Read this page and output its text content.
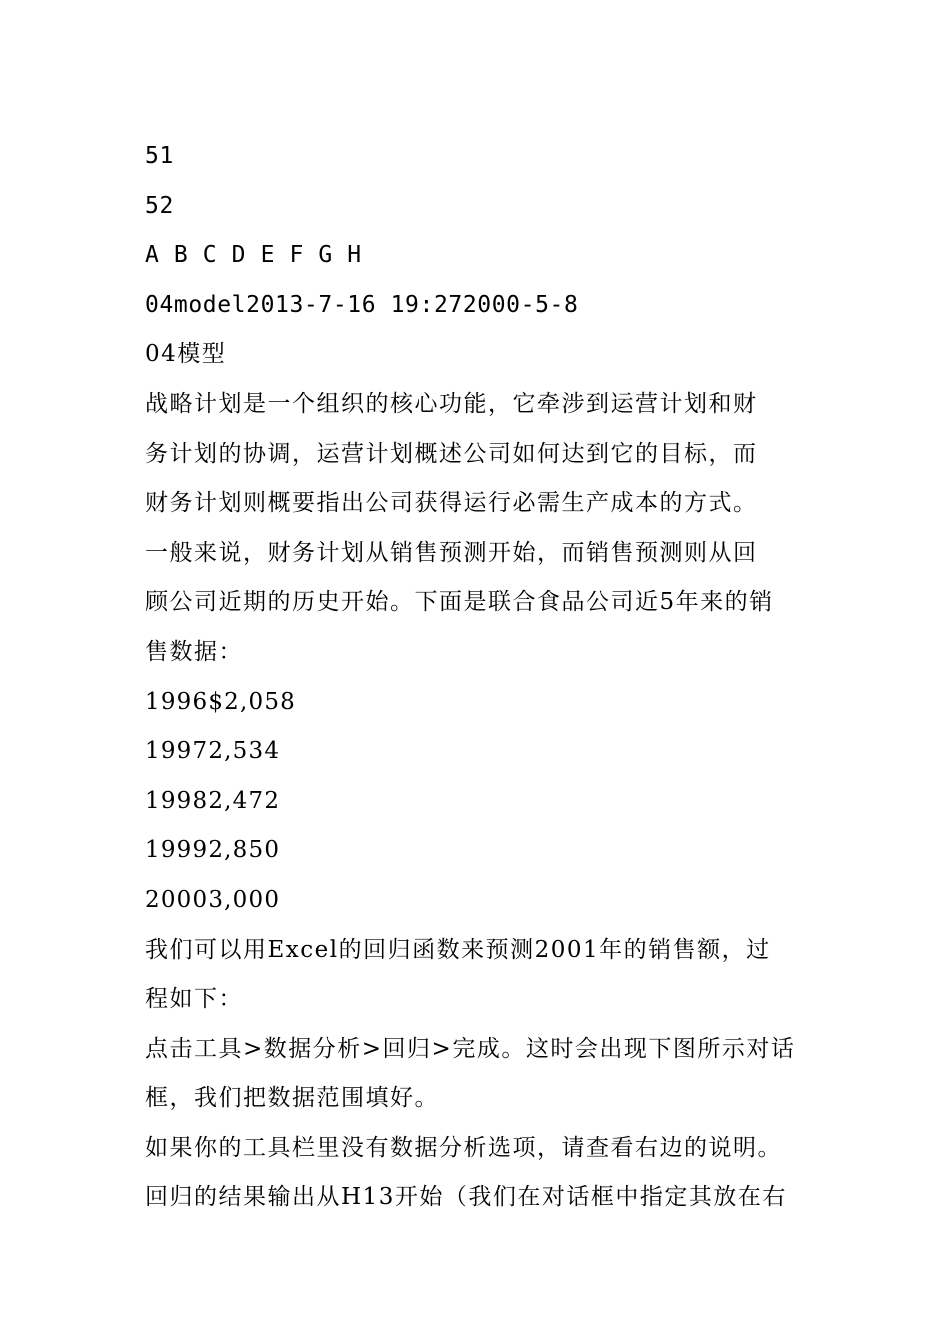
51
52
A B C D E F G H
04model2013-7-16 19:272000-5-8
04模型
战略计划是一个组织的核心功能，它牵涉到运营计划和财
务计划的协调，运营计划概述公司如何达到它的目标，而
财务计划则概要指出公司获得运行必需生产成本的方式。
一般来说，财务计划从销售预测开始，而销售预测则从回
顾公司近期的历史开始。下面是联合食品公司近5年来的销
售数据：
1996$2,058
19972,534
19982,472
19992,850
20003,000
我们可以用Excel的回归函数来预测2001年的销售额，过
程如下：
点击工具>数据分析>回归>完成。这时会出现下图所示对话
框，我们把数据范围填好。
如果你的工具栏里没有数据分析选项，请查看右边的说明。
回归的结果输出从H13开始（我们在对话框中指定其放在右
